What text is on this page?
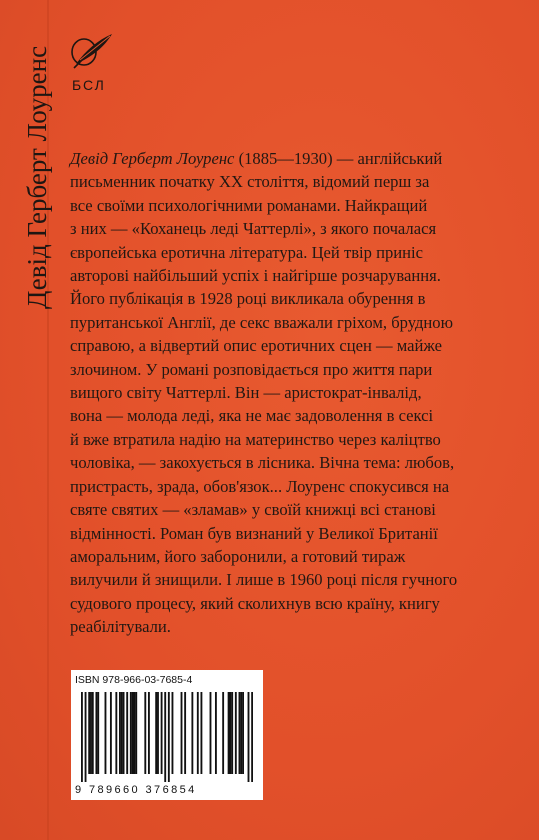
Девід Герберт Лоуренс БСЛ

Девід Герберт Лоуренс (1885—1930) — англійський
письменник початку XX століття, відомий перш за
все своїми психологічними романами. Найкращий
з них — «Коханець леді Чаттерлі», з якого почалася
європейська еротична література. Цей твір приніс
авторові найбільший успіх і найгірше розчарування.
Його публікація в 1928 році викликала обурення в
пуританської Англії, де секс вважали гріхом, брудною
справою, а відвертий опис еротичних сцен — майже
злочином. У романі розповідається про життя пари
вищого світу Чаттерлі. Він — аристократ-інвалід,
вона — молода леді, яка не має задоволення в сексі
й вже втратила надію на материнство через каліцтво
чоловіка, — закохується в лісника. Вічна тема: любов,
пристрасть, зрада, обов'язок... Лоуренс спокусився на
святе святих — «зламав» у своїй книжці всі станові
відмінності. Роман був визнаний у Великої Британії
аморальним, його заборонили, а готовий тираж
вилучили й знищили. І лише в 1960 році після гучного
судового процесу, який сколихнув всю країну, книгу
реабілітували.

ISBN 978-966-03-7685-4
9 789660 376854
